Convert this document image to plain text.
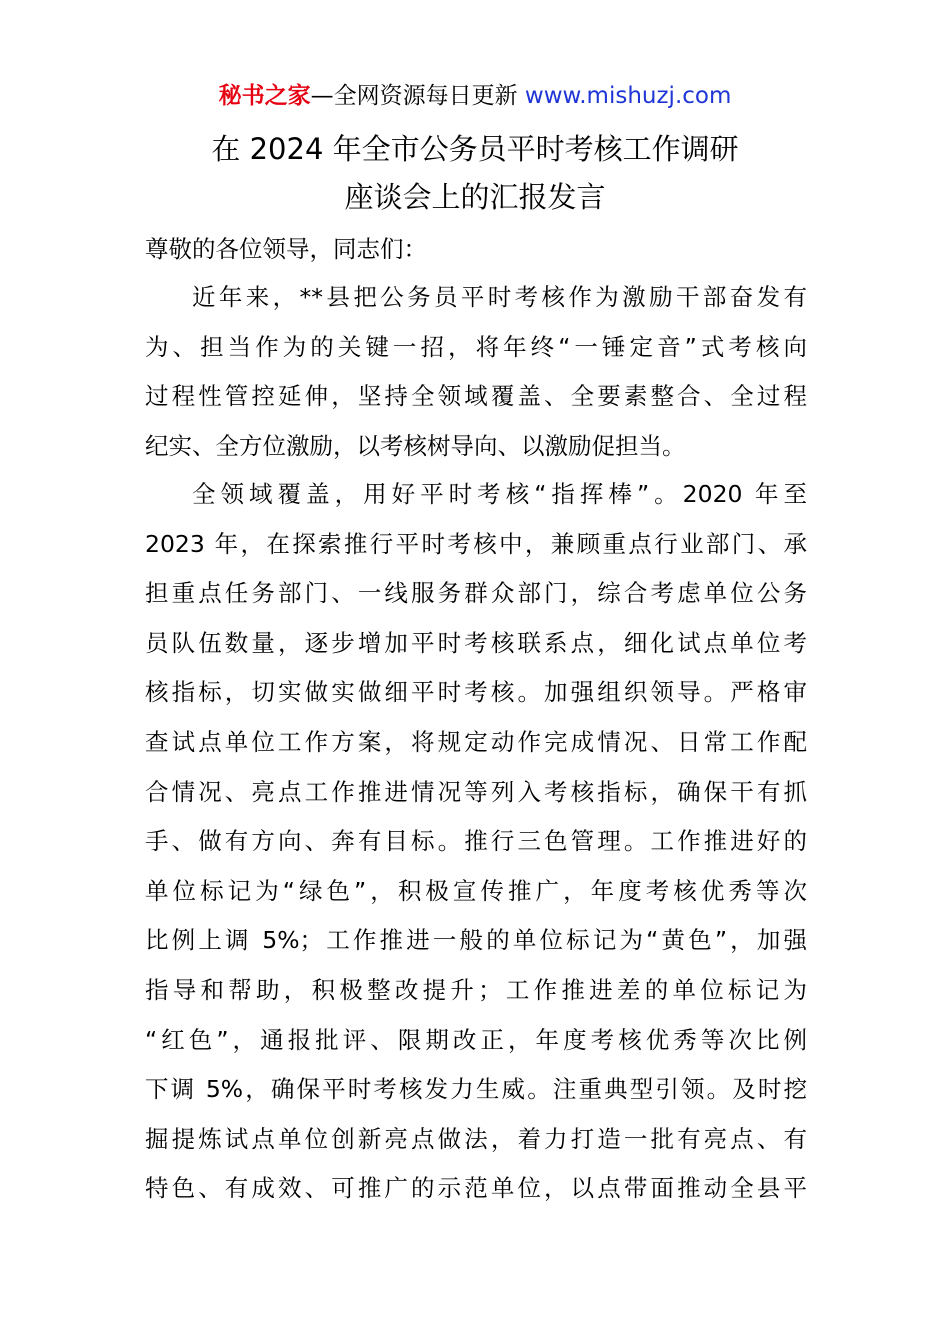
秘书之家—全网资源每日更新 www.mishuzj.com
在 2024 年全市公务员平时考核工作调研
座谈会上的汇报发言
尊敬的各位领导，同志们：
近年来，**县把公务员平时考核作为激励干部奋发有
为、担当作为的关键一招，将年终“一锤定音”式考核向
过程性管控延伸，坚持全领域覆盖、全要素整合、全过程
纪实、全方位激励，以考核树导向、以激励促担当。
全领域覆盖，用好平时考核“指挥棒”。2020 年至
2023 年，在探索推行平时考核中，兼顾重点行业部门、承
担重点任务部门、一线服务群众部门，综合考虑单位公务
员队伍数量，逐步增加平时考核联系点，细化试点单位考
核指标，切实做实做细平时考核。加强组织领导。严格审
查试点单位工作方案，将规定动作完成情况、日常工作配
合情况、亮点工作推进情况等列入考核指标，确保干有抓
手、做有方向、奔有目标。推行三色管理。工作推进好的
单位标记为“绿色”，积极宣传推广，年度考核优秀等次
比例上调 5%；工作推进一般的单位标记为“黄色”，加强
指导和帮助，积极整改提升；工作推进差的单位标记为
“红色”，通报批评、限期改正，年度考核优秀等次比例
下调 5%，确保平时考核发力生威。注重典型引领。及时挖
掘提炼试点单位创新亮点做法，着力打造一批有亮点、有
特色、有成效、可推广的示范单位，以点带面推动全县平
